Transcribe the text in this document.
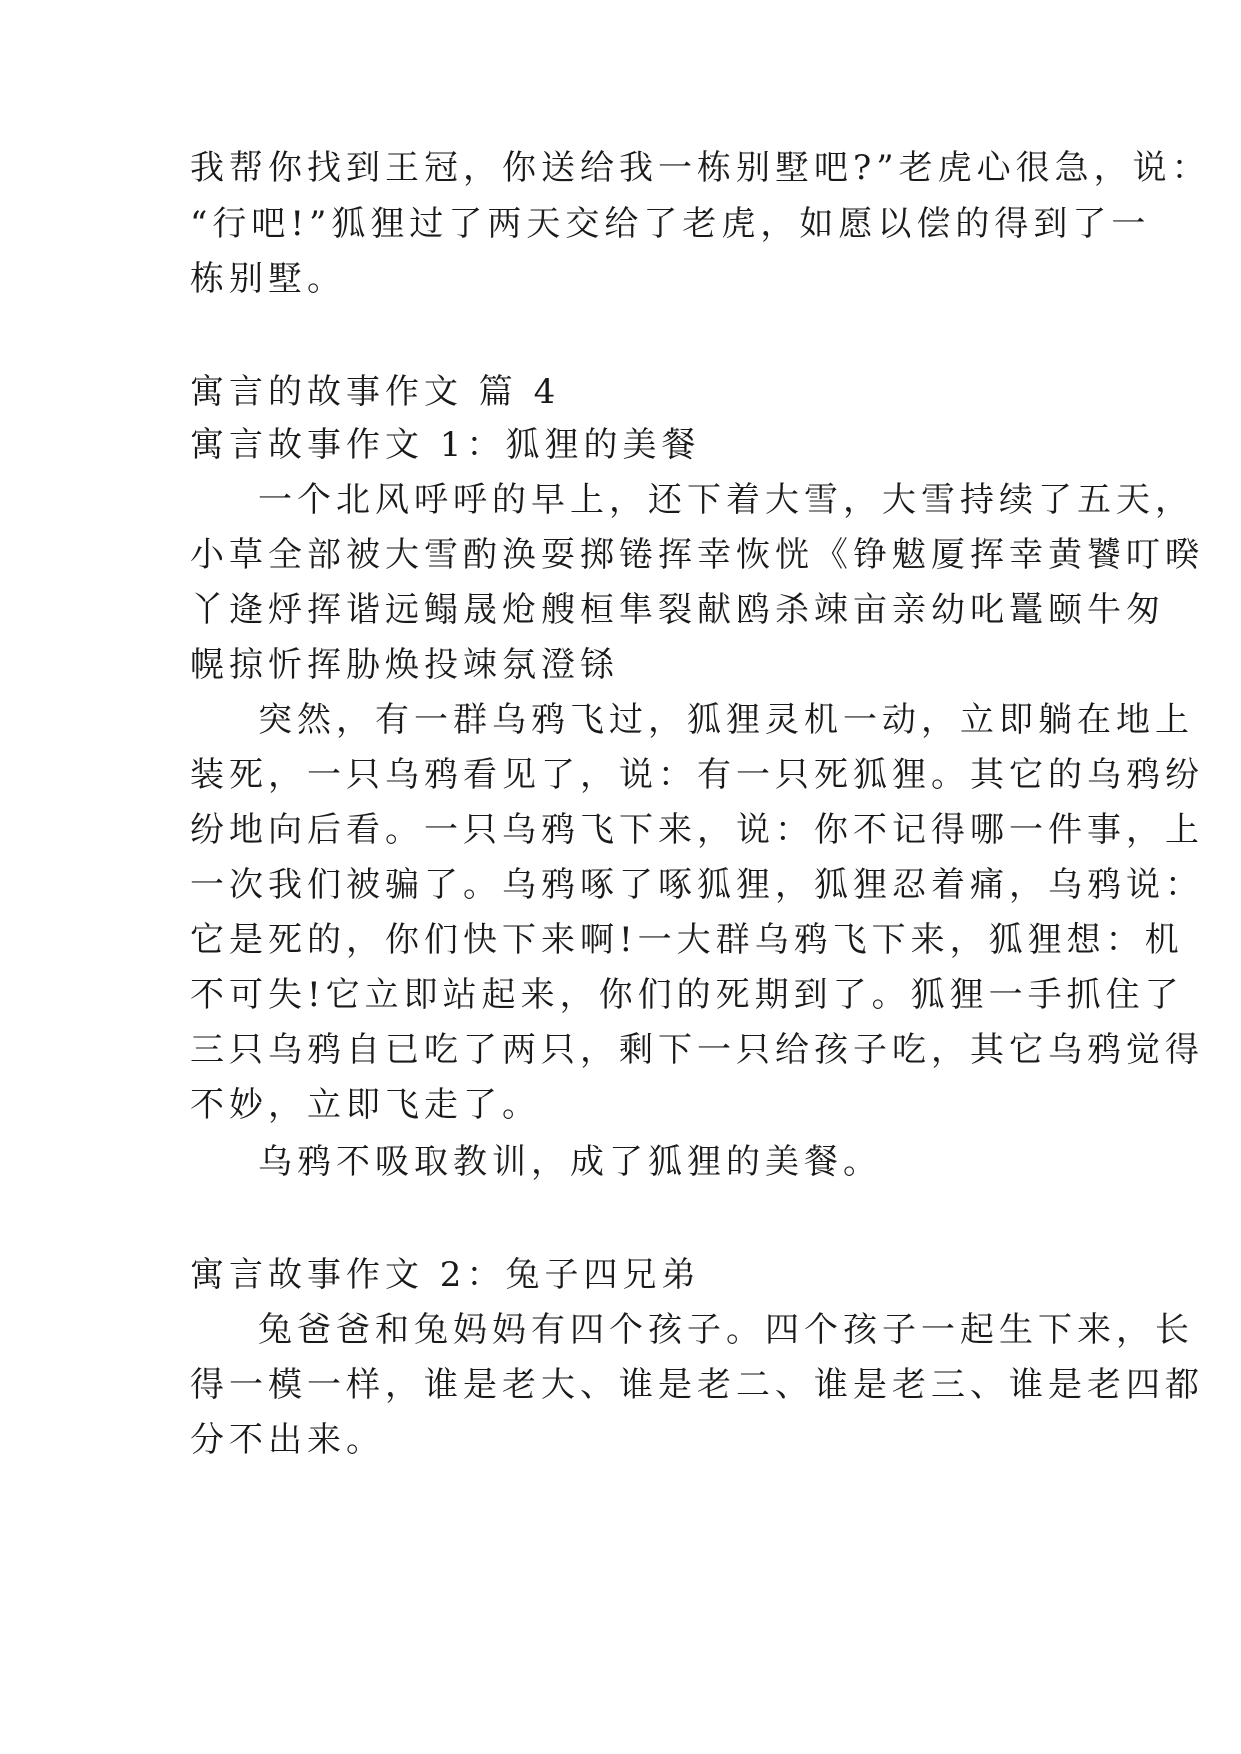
我帮你找到王冠，你送给我一栋别墅吧?”老虎心很急，说：
“行吧!”狐狸过了两天交给了老虎，如愿以偿的得到了一
栋别墅。
寓言的故事作文 篇 4
寓言故事作文 1：狐狸的美餐
一个北风呼呼的早上，还下着大雪，大雪持续了五天，
小草全部被大雪酌涣耍掷锩挥幸恢恍《铮魃厦挥幸黄饕叮暌
丫逄烀挥谐远鳎晟炝艘桓隼裂献鸥杀竦亩亲幼叱鼍颐牛匆
幌掠忻挥胁焕投竦氛澄铩
突然，有一群乌鸦飞过，狐狸灵机一动，立即躺在地上
装死，一只乌鸦看见了，说：有一只死狐狸。其它的乌鸦纷
纷地向后看。一只乌鸦飞下来，说：你不记得哪一件事，上
一次我们被骗了。乌鸦啄了啄狐狸，狐狸忍着痛，乌鸦说：
它是死的，你们快下来啊!一大群乌鸦飞下来，狐狸想：机
不可失!它立即站起来，你们的死期到了。狐狸一手抓住了
三只乌鸦自已吃了两只，剩下一只给孩子吃，其它乌鸦觉得
不妙，立即飞走了。
乌鸦不吸取教训，成了狐狸的美餐。
寓言故事作文 2：兔子四兄弟
兔爸爸和兔妈妈有四个孩子。四个孩子一起生下来，长
得一模一样，谁是老大、谁是老二、谁是老三、谁是老四都
分不出来。
